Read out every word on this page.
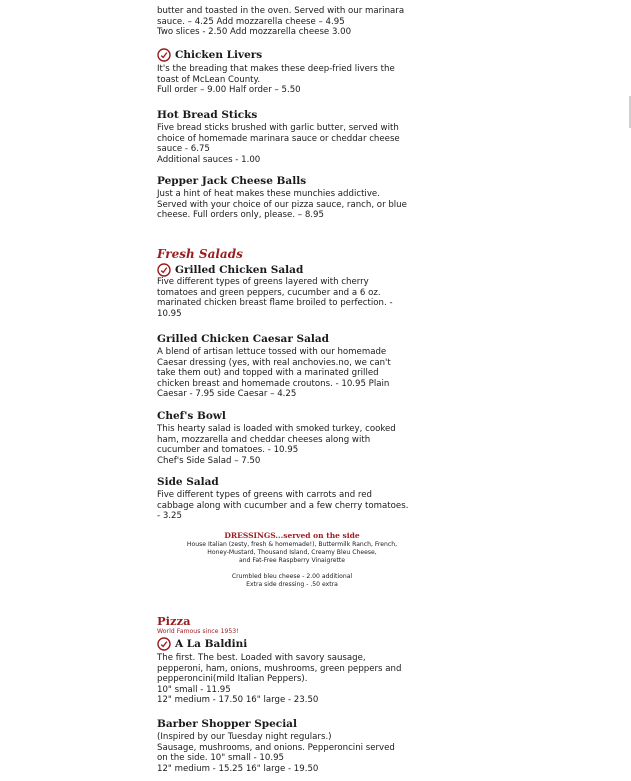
butter and toasted in the oven. Served with our marinara
sauce. – 4.25 Add mozzarella cheese – 4.95
Two slices - 2.50 Add mozzarella cheese 3.00
Chicken Livers
It's the breading that makes these deep-fried livers the
toast of McLean County.
Full order – 9.00 Half order – 5.50
Hot Bread Sticks
Five bread sticks brushed with garlic butter, served with
choice of homemade marinara sauce or cheddar cheese
sauce - 6.75
Additional sauces - 1.00
Pepper Jack Cheese Balls
Just a hint of heat makes these munchies addictive.
Served with your choice of our pizza sauce, ranch, or blue
cheese. Full orders only, please. – 8.95
Fresh Salads
Grilled Chicken Salad
Five different types of greens layered with cherry
tomatoes and green peppers, cucumber and a 6 oz.
marinated chicken breast flame broiled to perfection. -
10.95
Grilled Chicken Caesar Salad
A blend of artisan lettuce tossed with our homemade
Caesar dressing (yes, with real anchovies.no, we can't
take them out) and topped with a marinated grilled
chicken breast and homemade croutons. - 10.95 Plain
Caesar - 7.95 side Caesar – 4.25
Chef's Bowl
This hearty salad is loaded with smoked turkey, cooked
ham, mozzarella and cheddar cheeses along with
cucumber and tomatoes. - 10.95
Chef's Side Salad – 7.50
Side Salad
Five different types of greens with carrots and red
cabbage along with cucumber and a few cherry tomatoes.
- 3.25
DRESSINGS...served on the side
House Italian (zesty, fresh & homemade!), Buttermilk Ranch, French,
Honey-Mustard, Thousand Island, Creamy Bleu Cheese,
and Fat-Free Raspberry Vinaigrette
Crumbled bleu cheese - 2.00 additional
Extra side dressing - .50 extra
Pizza
World Famous since 1953!
A La Baldini
The first. The best. Loaded with savory sausage,
pepperoni, ham, onions, mushrooms, green peppers and
pepperoncini(mild Italian Peppers).
10" small - 11.95
12" medium - 17.50 16" large - 23.50
Barber Shopper Special
(Inspired by our Tuesday night regulars.)
Sausage, mushrooms, and onions. Pepperoncini served
on the side. 10" small - 10.95
12" medium - 15.25 16" large - 19.50
